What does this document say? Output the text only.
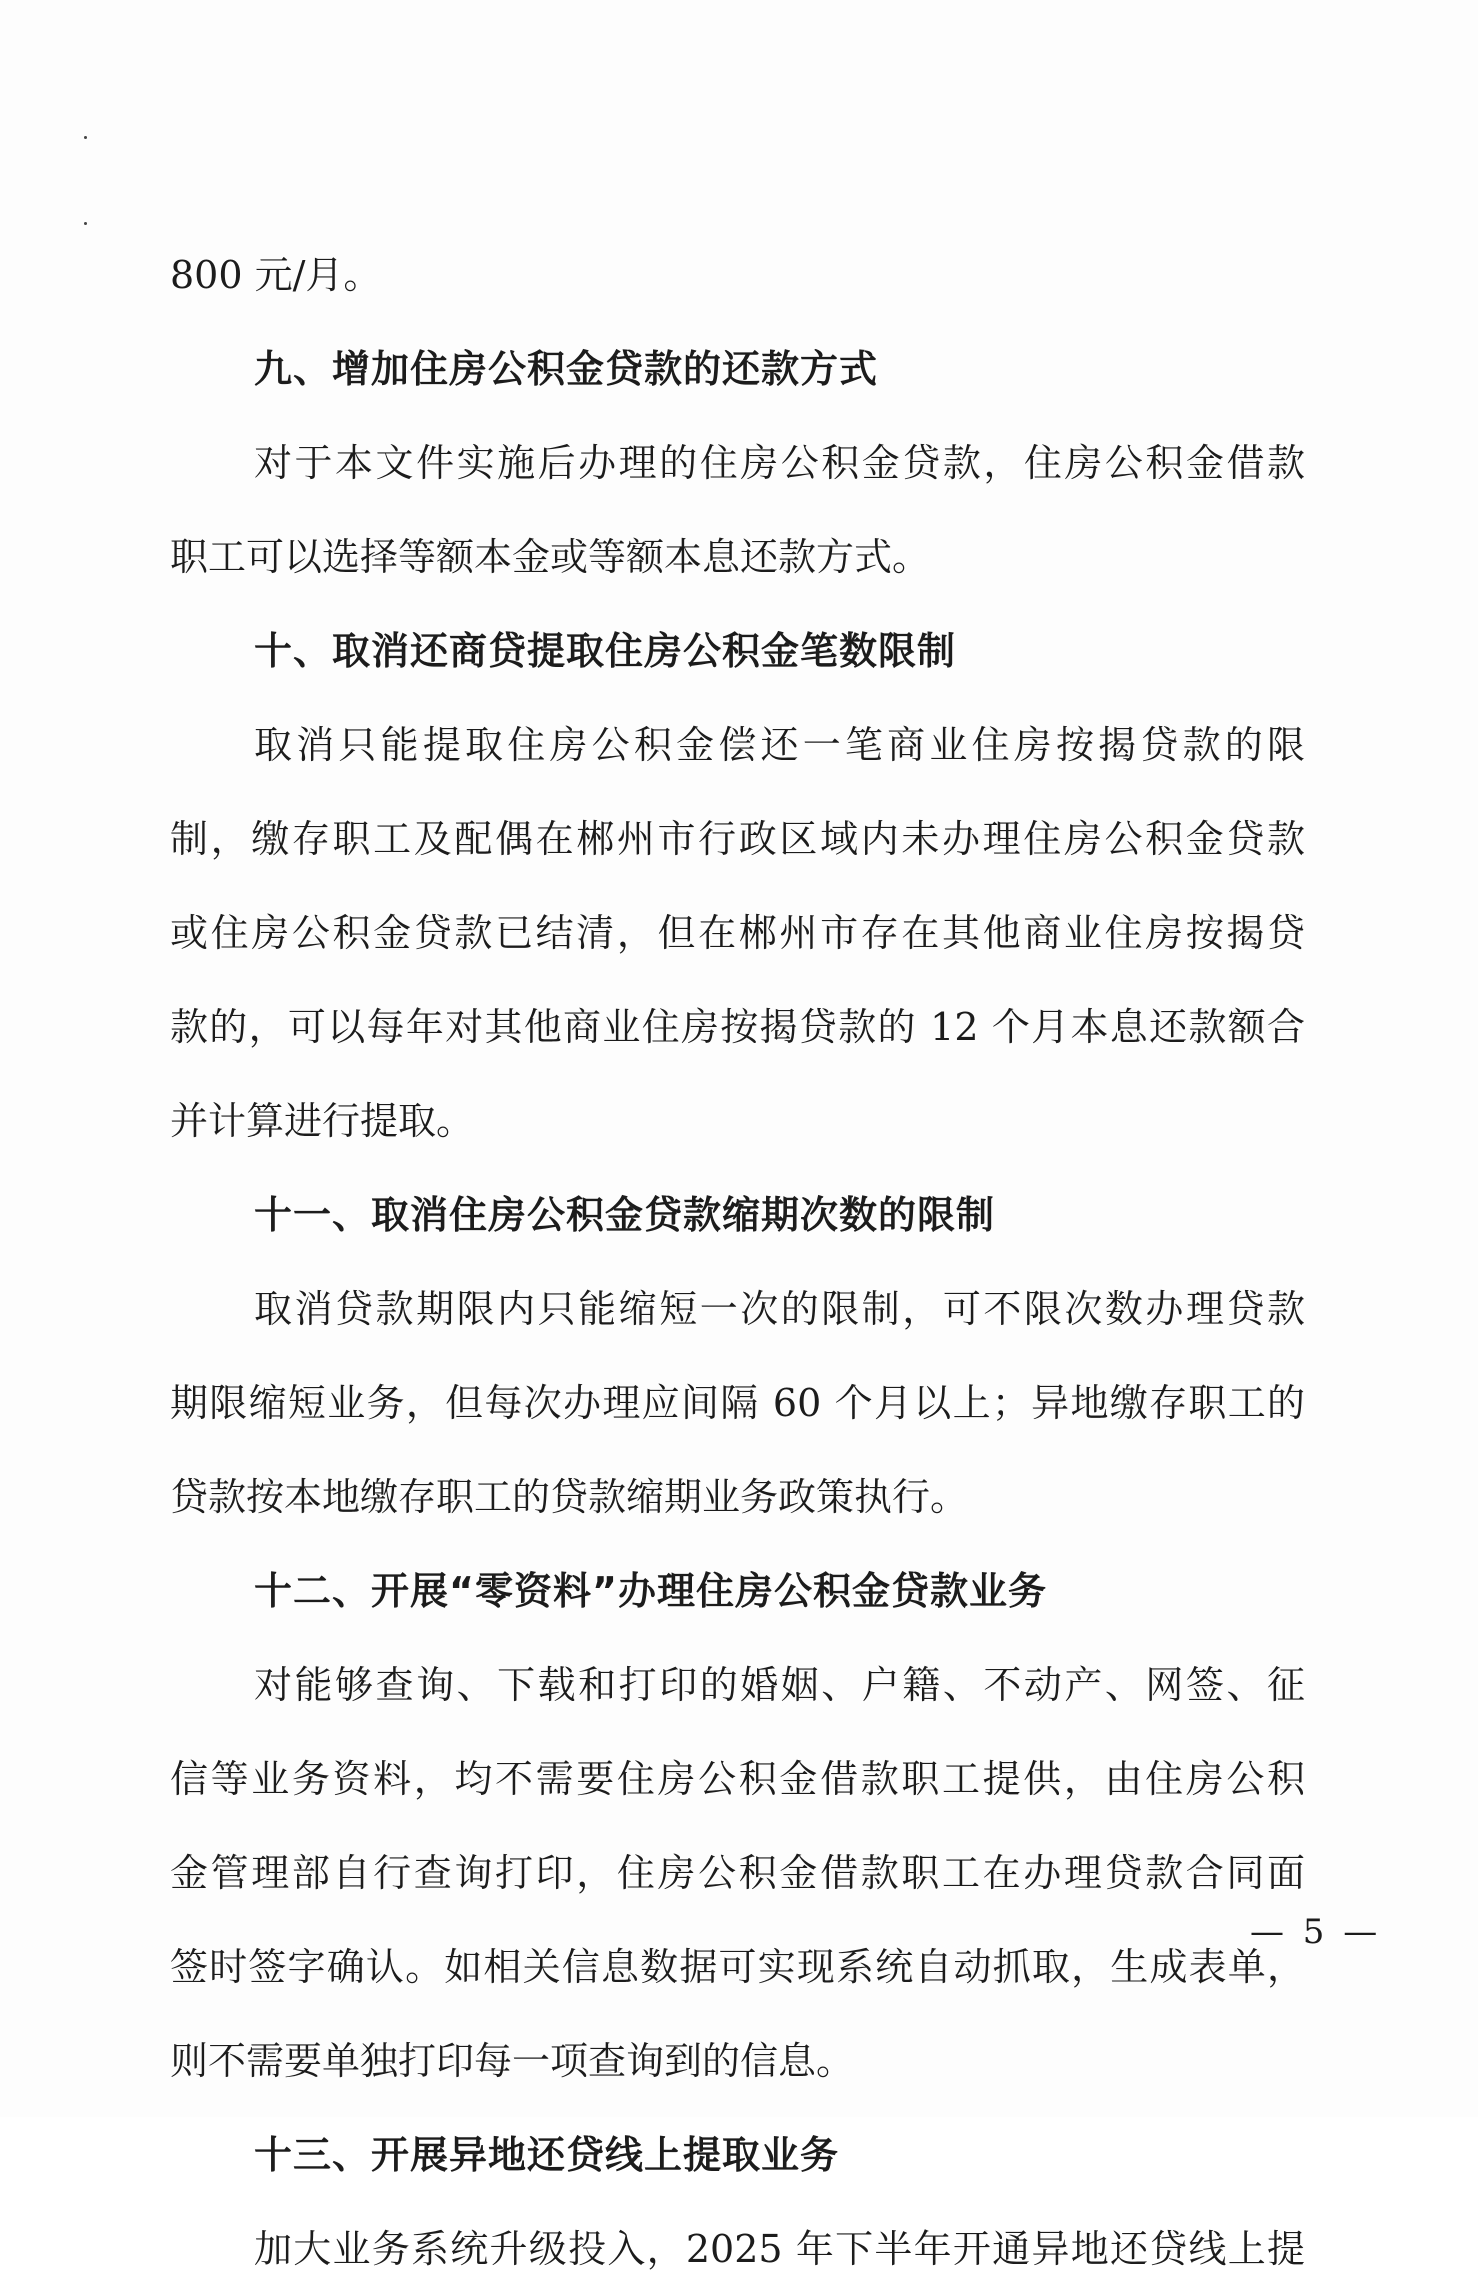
800 元/月。
九、增加住房公积金贷款的还款方式
对于本文件实施后办理的住房公积金贷款，住房公积金借款
职工可以选择等额本金或等额本息还款方式。
十、取消还商贷提取住房公积金笔数限制
取消只能提取住房公积金偿还一笔商业住房按揭贷款的限
制，缴存职工及配偶在郴州市行政区域内未办理住房公积金贷款
或住房公积金贷款已结清，但在郴州市存在其他商业住房按揭贷
款的，可以每年对其他商业住房按揭贷款的 12 个月本息还款额合
并计算进行提取。
十一、取消住房公积金贷款缩期次数的限制
取消贷款期限内只能缩短一次的限制，可不限次数办理贷款
期限缩短业务，但每次办理应间隔 60 个月以上；异地缴存职工的
贷款按本地缴存职工的贷款缩期业务政策执行。
十二、开展“零资料”办理住房公积金贷款业务
对能够查询、下载和打印的婚姻、户籍、不动产、网签、征
信等业务资料，均不需要住房公积金借款职工提供，由住房公积
金管理部自行查询打印，住房公积金借款职工在办理贷款合同面
签时签字确认。如相关信息数据可实现系统自动抓取，生成表单，
则不需要单独打印每一项查询到的信息。
十三、开展异地还贷线上提取业务
加大业务系统升级投入，2025 年下半年开通异地还贷线上提
— 5 —
